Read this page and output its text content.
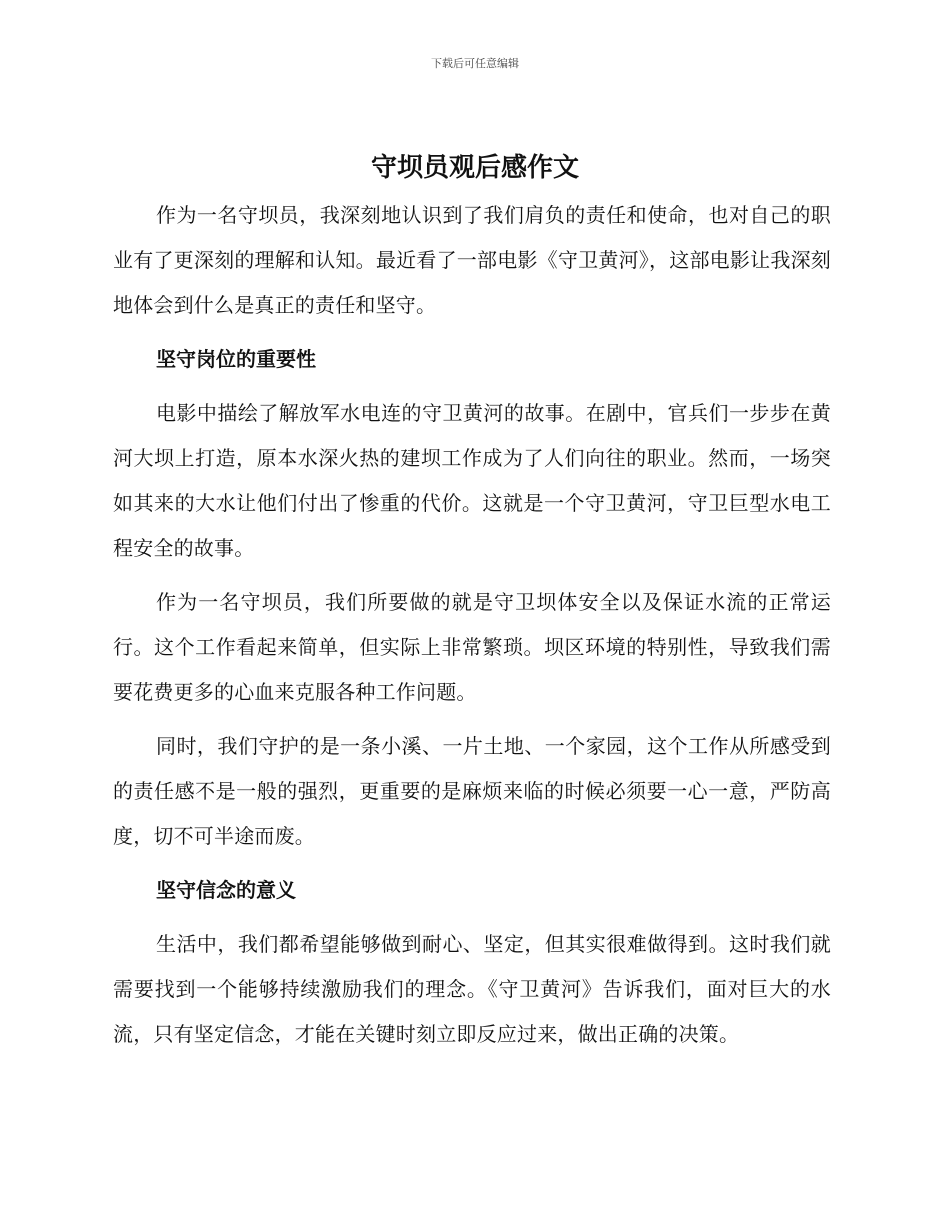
下载后可任意编辑
守坝员观后感作文

作为一名守坝员，我深刻地认识到了我们肩负的责任和使命，也对自己的职业有了更深刻的理解和认知。最近看了一部电影《守卫黄河》，这部电影让我深刻地体会到什么是真正的责任和坚守。

坚守岗位的重要性

电影中描绘了解放军水电连的守卫黄河的故事。在剧中，官兵们一步步在黄河大坝上打造，原本水深火热的建坝工作成为了人们向往的职业。然而，一场突如其来的大水让他们付出了惨重的代价。这就是一个守卫黄河，守卫巨型水电工程安全的故事。

作为一名守坝员，我们所要做的就是守卫坝体安全以及保证水流的正常运行。这个工作看起来简单，但实际上非常繁琐。坝区环境的特别性，导致我们需要花费更多的心血来克服各种工作问题。

同时，我们守护的是一条小溪、一片土地、一个家园，这个工作从所感受到的责任感不是一般的强烈，更重要的是麻烦来临的时候必须要一心一意，严防高度，切不可半途而废。

坚守信念的意义

生活中，我们都希望能够做到耐心、坚定，但其实很难做得到。这时我们就需要找到一个能够持续激励我们的理念。《守卫黄河》告诉我们，面对巨大的水流，只有坚定信念，才能在关键时刻立即反应过来，做出正确的决策。
